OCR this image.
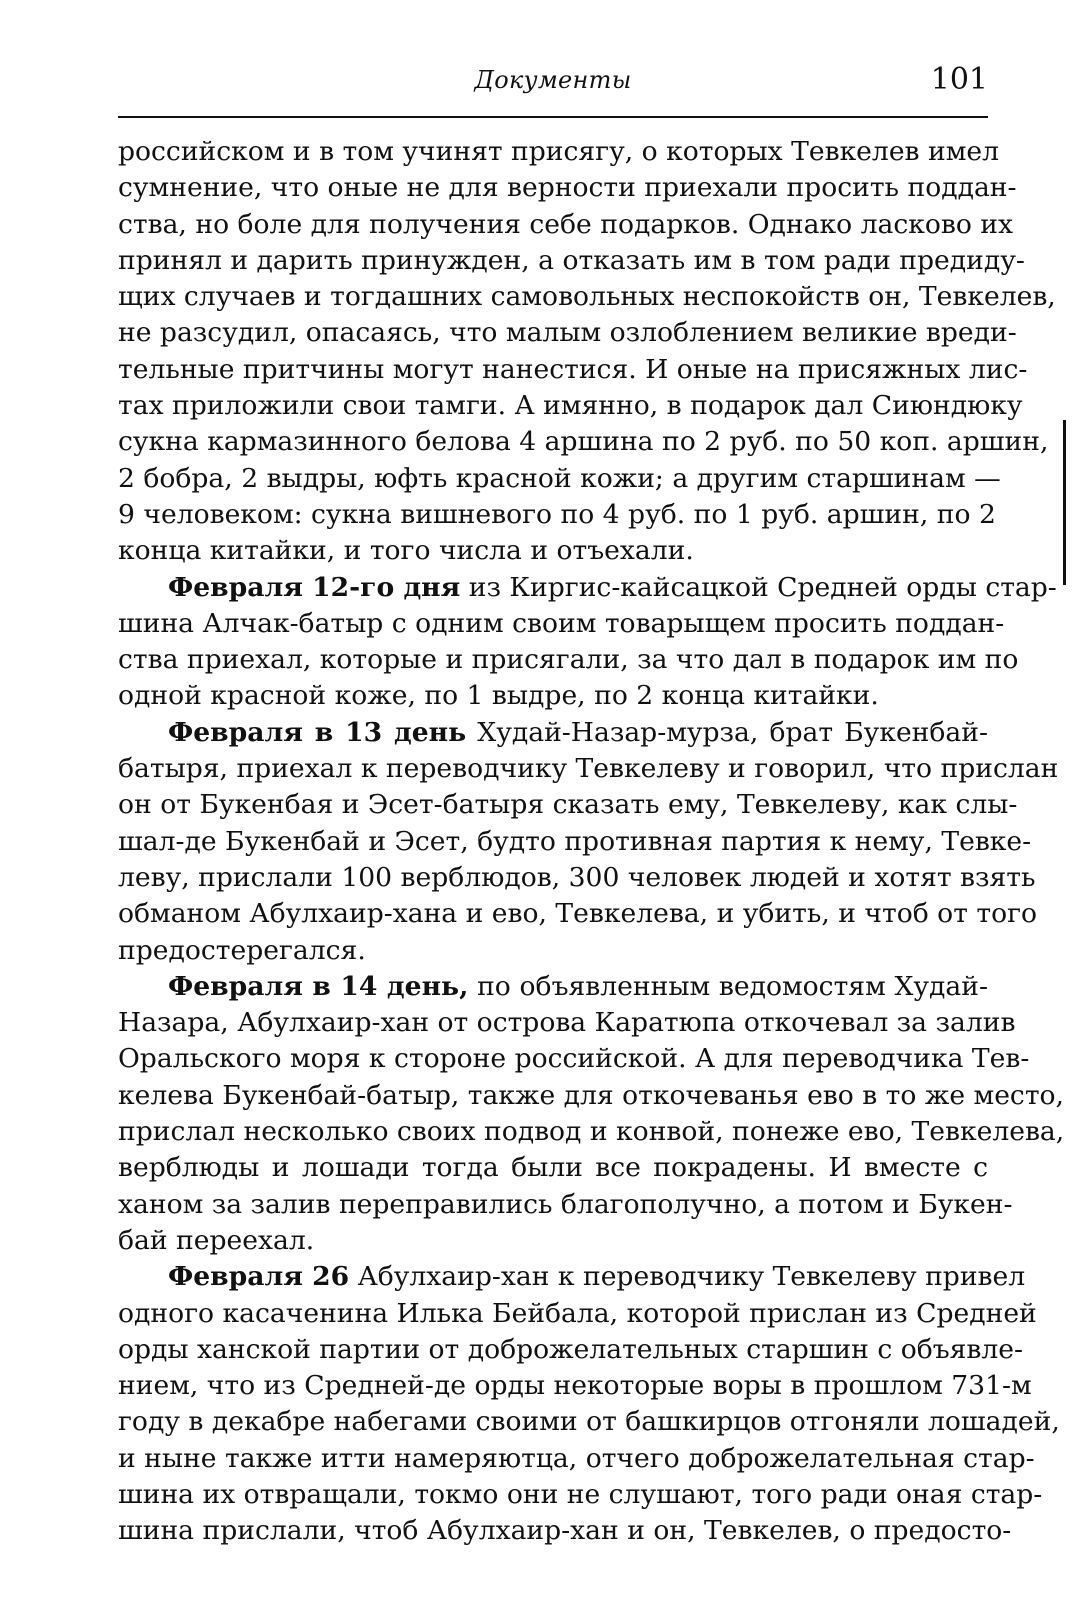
Документы	101
российском и в том учинят присягу, о которых Тевкелев имел
сумнение, что оные не для верности приехали просить поддан-
ства, но боле для получения себе подарков. Однако ласково их
принял и дарить принужден, а отказать им в том ради предиду-
щих случаев и тогдашних самовольных неспокойств он, Тевкелев,
не разсудил, опасаясь, что малым озлоблением великие вреди-
тельные притчины могут нанестися. И оные на присяжных лис-
тах приложили свои тамги. А имянно, в подарок дал Сиюндюку
сукна кармазинного белова 4 аршина по 2 руб. по 50 коп. аршин,
2 бобра, 2 выдры, юфть красной кожи; а другим старшинам —
9 человеком: сукна вишневого по 4 руб. по 1 руб. аршин, по 2
конца китайки, и того числа и отъехали.
Февраля 12-го дня из Киргис-кайсацкой Средней орды стар-
шина Алчак-батыр с одним своим товарыщем просить поддан-
ства приехал, которые и присягали, за что дал в подарок им по
одной красной коже, по 1 выдре, по 2 конца китайки.
Февраля в 13 день Худай-Назар-мурза, брат Букенбай-
батыря, приехал к переводчику Тевкелеву и говорил, что прислан
он от Букенбая и Эсет-батыря сказать ему, Тевкелеву, как слы-
шал-де Букенбай и Эсет, будто противная партия к нему, Тевке-
леву, прислали 100 верблюдов, 300 человек людей и хотят взять
обманом Абулхаир-хана и ево, Тевкелева, и убить, и чтоб от того
предостерегался.
Февраля в 14 день, по объявленным ведомостям Худай-
Назара, Абулхаир-хан от острова Каратюпа откочевал за залив
Оральского моря к стороне российской. А для переводчика Тев-
келева Букенбай-батыр, также для откочеванья ево в то же место,
прислал несколько своих подвод и конвой, понеже ево, Тевкелева,
верблюды и лошади тогда были все покрадены. И вместе с
ханом за залив переправились благополучно, а потом и Букен-
бай переехал.
Февраля 26 Абулхаир-хан к переводчику Тевкелеву привел
одного касаченина Илька Бейбала, которой прислан из Средней
орды ханской партии от доброжелательных старшин с объявле-
нием, что из Средней-де орды некоторые воры в прошлом 731-м
году в декабре набегами своими от башкирцов отгоняли лошадей,
и ныне также итти намеряютца, отчего доброжелательная стар-
шина их отвращали, токмо они не слушают, того ради оная стар-
шина прислали, чтоб Абулхаир-хан и он, Тевкелев, о предосто-
